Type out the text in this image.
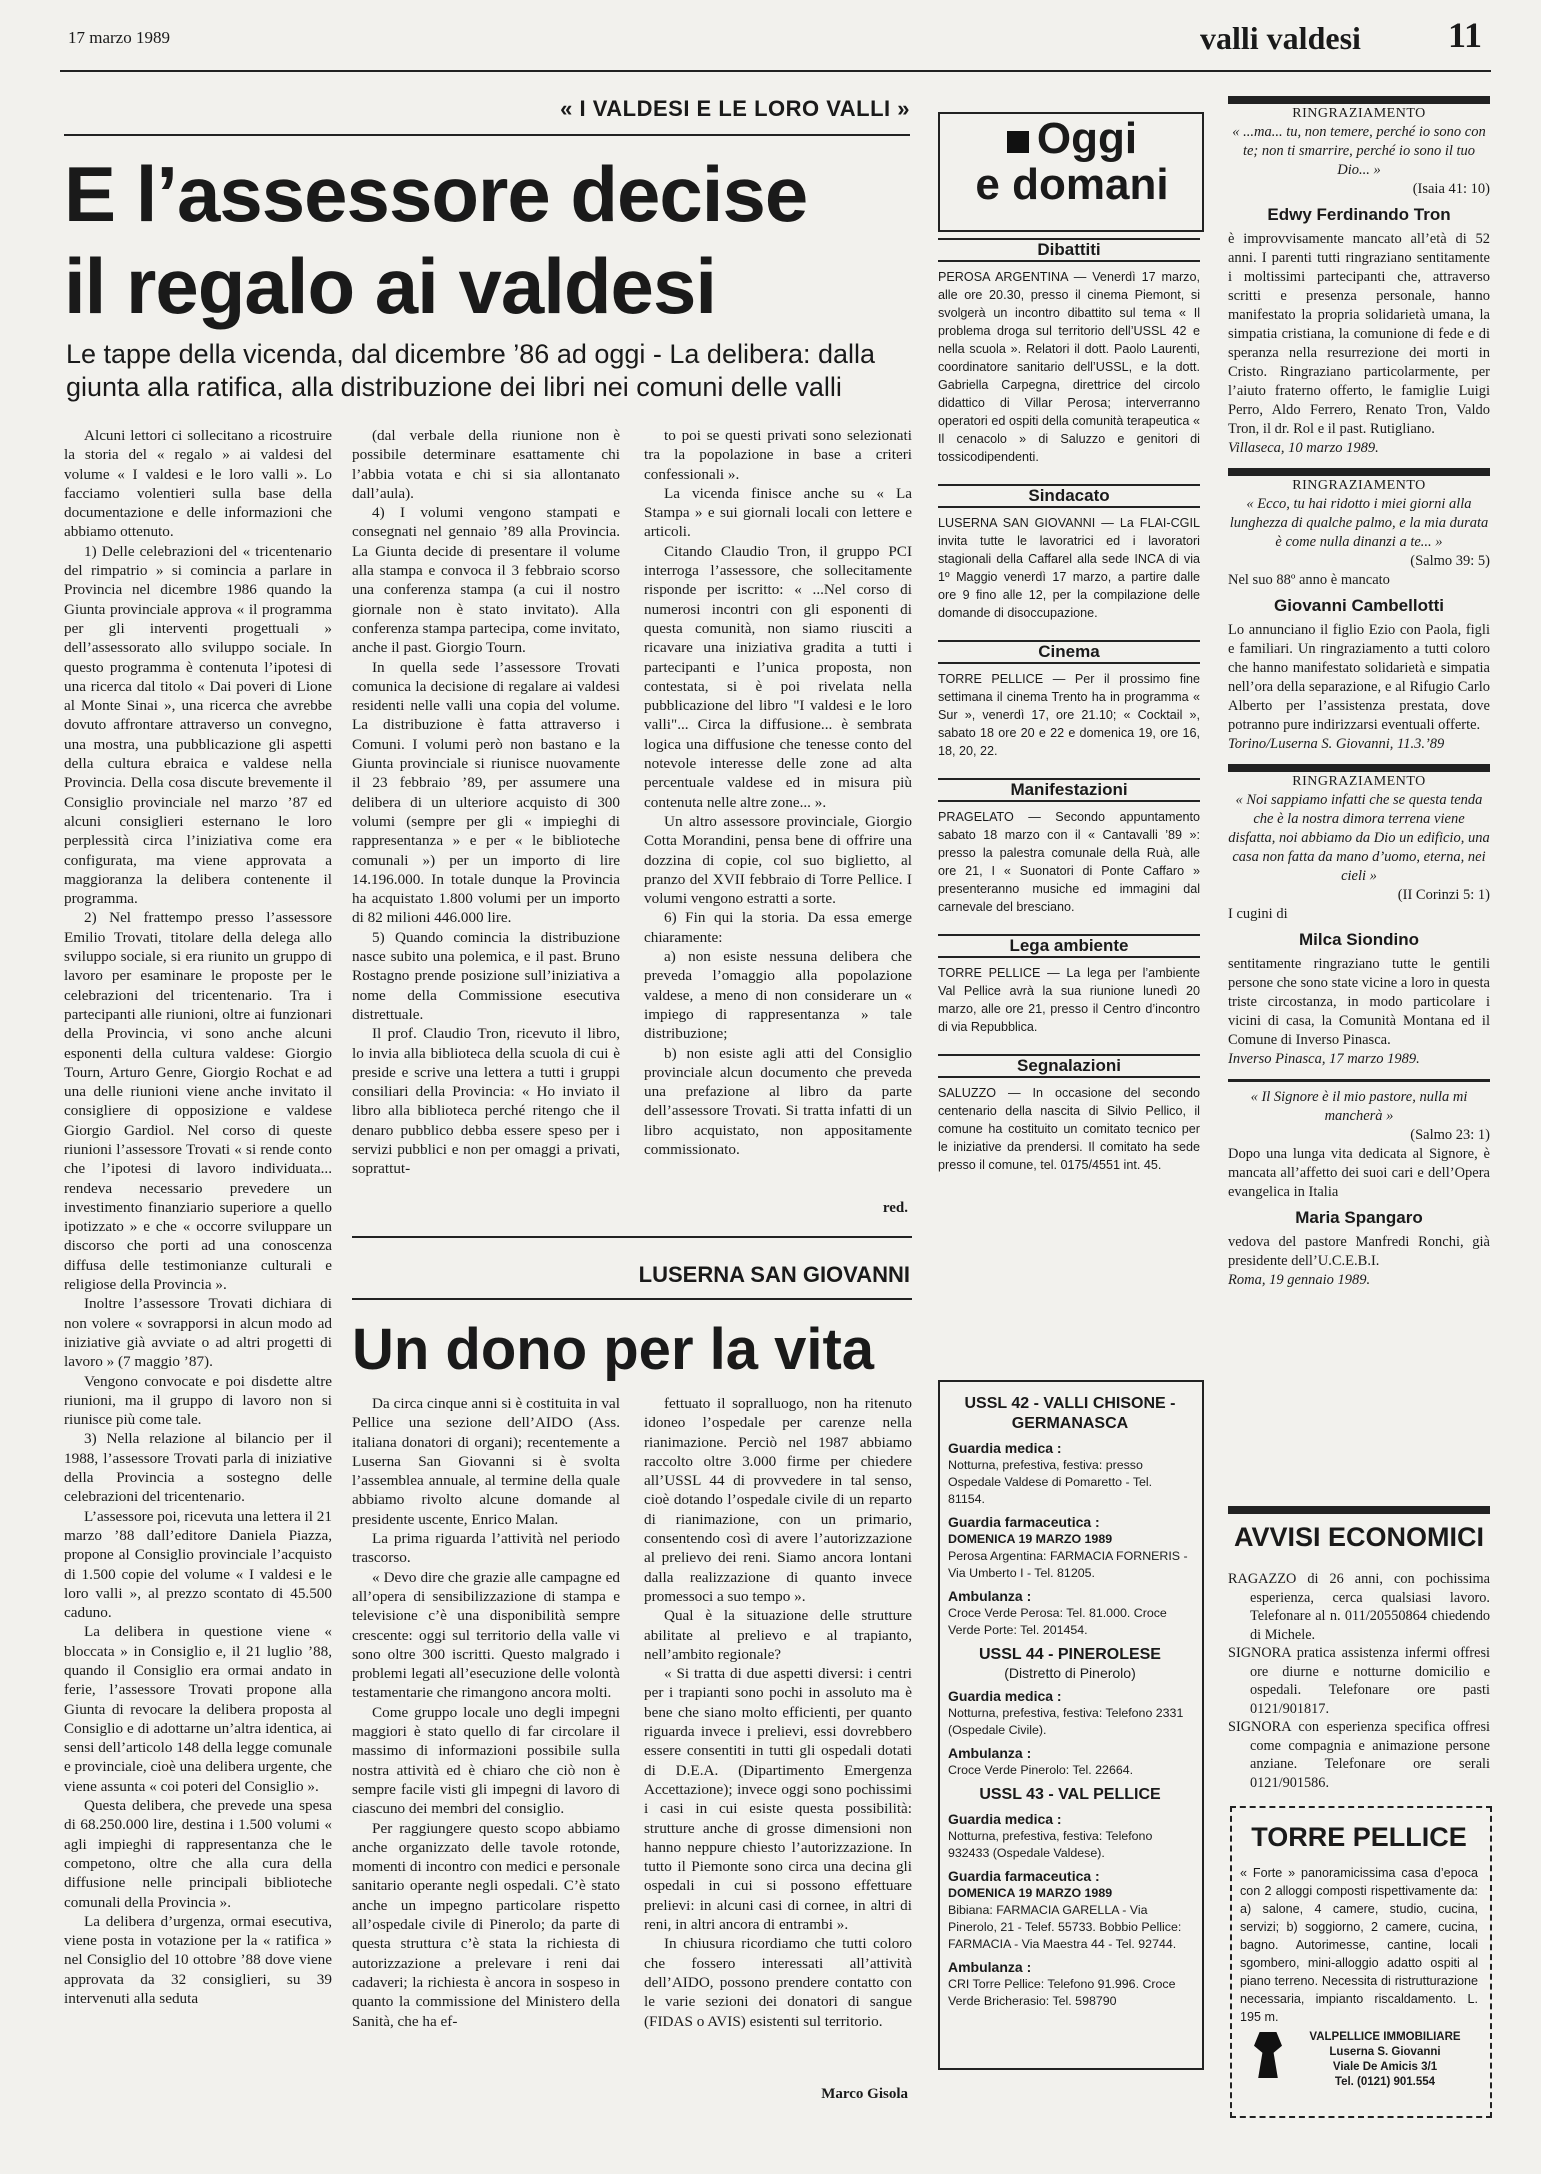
17 marzo 1989	valli valdesi 11
« I VALDESI E LE LORO VALLI »
E l’assessore decise
il regalo ai valdesi
Le tappe della vicenda, dal dicembre ’86 ad oggi - La delibera: dalla giunta alla ratifica, alla distribuzione dei libri nei comuni delle valli

Alcuni lettori ci sollecitano a ricostruire la storia del « regalo » ai valdesi del volume « I valdesi e le loro valli ». Lo facciamo volentieri sulla base della documentazione e delle informazioni che abbiamo ottenuto.

1) Delle celebrazioni del « tricentenario del rimpatrio » si comincia a parlare in Provincia nel dicembre 1986 quando la Giunta provinciale approva « il programma per gli interventi progettuali » dell’assessorato allo sviluppo sociale. In questo programma è contenuta l’ipotesi di una ricerca dal titolo « Dai poveri di Lione al Monte Sinai », una ricerca che avrebbe dovuto affrontare attraverso un convegno, una mostra, una pubblicazione gli aspetti della cultura ebraica e valdese nella Provincia. Della cosa discute brevemente il Consiglio provinciale nel marzo ’87 ed alcuni consiglieri esternano le loro perplessità circa l’iniziativa come era configurata, ma viene approvata a maggioranza la delibera contenente il programma.

2) Nel frattempo presso l’assessore Emilio Trovati, titolare della delega allo sviluppo sociale, si era riunito un gruppo di lavoro per esaminare le proposte per le celebrazioni del tricentenario. Tra i partecipanti alle riunioni, oltre ai funzionari della Provincia, vi sono anche alcuni esponenti della cultura valdese: Giorgio Tourn, Arturo Genre, Giorgio Rochat e ad una delle riunioni viene anche invitato il consigliere di opposizione e valdese Giorgio Gardiol. Nel corso di queste riunioni l’assessore Trovati « si rende conto che l’ipotesi di lavoro individuata... rendeva necessario prevedere un investimento finanziario superiore a quello ipotizzato » e che « occorre sviluppare un discorso che porti ad una conoscenza diffusa delle testimonianze culturali e religiose della Provincia ».

Inoltre l’assessore Trovati dichiara di non volere « sovrapporsi in alcun modo ad iniziative già avviate o ad altri progetti di lavoro » (7 maggio ’87).

Vengono convocate e poi disdette altre riunioni, ma il gruppo di lavoro non si riunisce più come tale.

3) Nella relazione al bilancio per il 1988, l’assessore Trovati parla di iniziative della Provincia a sostegno delle celebrazioni del tricentenario.

L’assessore poi, ricevuta una lettera il 21 marzo ’88 dall’editore Daniela Piazza, propone al Consiglio provinciale l’acquisto di 1.500 copie del volume « I valdesi e le loro valli », al prezzo scontato di 45.500 caduno.

La delibera in questione viene « bloccata » in Consiglio e, il 21 luglio ’88, quando il Consiglio era ormai andato in ferie, l’assessore Trovati propone alla Giunta di revocare la delibera proposta al Consiglio e di adottarne un’altra identica, ai sensi dell’articolo 148 della legge comunale e provinciale, cioè una delibera urgente, che viene assunta « coi poteri del Consiglio ».

Questa delibera, che prevede una spesa di 68.250.000 lire, destina i 1.500 volumi « agli impieghi di rappresentanza che le competono, oltre che alla cura della diffusione nelle principali biblioteche comunali della Provincia ».

La delibera d’urgenza, ormai esecutiva, viene posta in votazione per la « ratifica » nel Consiglio del 10 ottobre ’88 dove viene approvata da 32 consiglieri, su 39 intervenuti alla seduta

(dal verbale della riunione non è possibile determinare esattamente chi l’abbia votata e chi si sia allontanato dall’aula).

4) I volumi vengono stampati e consegnati nel gennaio ’89 alla Provincia. La Giunta decide di presentare il volume alla stampa e convoca il 3 febbraio scorso una conferenza stampa (a cui il nostro giornale non è stato invitato). Alla conferenza stampa partecipa, come invitato, anche il past. Giorgio Tourn.

In quella sede l’assessore Trovati comunica la decisione di regalare ai valdesi residenti nelle valli una copia del volume. La distribuzione è fatta attraverso i Comuni. I volumi però non bastano e la Giunta provinciale si riunisce nuovamente il 23 febbraio ’89, per assumere una delibera di un ulteriore acquisto di 300 volumi (sempre per gli « impieghi di rappresentanza » e per « le biblioteche comunali ») per un importo di lire 14.196.000. In totale dunque la Provincia ha acquistato 1.800 volumi per un importo di 82 milioni 446.000 lire.

5) Quando comincia la distribuzione nasce subito una polemica, e il past. Bruno Rostagno prende posizione sull’iniziativa a nome della Commissione esecutiva distrettuale.

Il prof. Claudio Tron, ricevuto il libro, lo invia alla biblioteca della scuola di cui è preside e scrive una lettera a tutti i gruppi consiliari della Provincia: « Ho inviato il libro alla biblioteca perché ritengo che il denaro pubblico debba essere speso per i servizi pubblici e non per omaggi a privati, soprattut-

to poi se questi privati sono selezionati tra la popolazione in base a criteri confessionali ».

La vicenda finisce anche su « La Stampa » e sui giornali locali con lettere e articoli.

Citando Claudio Tron, il gruppo PCI interroga l’assessore, che sollecitamente risponde per iscritto: « ...Nel corso di numerosi incontri con gli esponenti di questa comunità, non siamo riusciti a ricavare una iniziativa gradita a tutti i partecipanti e l’unica proposta, non contestata, si è poi rivelata nella pubblicazione del libro "I valdesi e le loro valli"... Circa la diffusione... è sembrata logica una diffusione che tenesse conto del notevole interesse delle zone ad alta percentuale valdese ed in misura più contenuta nelle altre zone... ».

Un altro assessore provinciale, Giorgio Cotta Morandini, pensa bene di offrire una dozzina di copie, col suo biglietto, al pranzo del XVII febbraio di Torre Pellice. I volumi vengono estratti a sorte.

6) Fin qui la storia. Da essa emerge chiaramente:

a) non esiste nessuna delibera che preveda l’omaggio alla popolazione valdese, a meno di non considerare un « impiego di rappresentanza » tale distribuzione;

b) non esiste agli atti del Consiglio provinciale alcun documento che preveda una prefazione al libro da parte dell’assessore Trovati. Si tratta infatti di un libro acquistato, non appositamente commissionato.

red.
LUSERNA SAN GIOVANNI
Un dono per la vita

Da circa cinque anni si è costituita in val Pellice una sezione dell’AIDO (Ass. italiana donatori di organi); recentemente a Luserna San Giovanni si è svolta l’assemblea annuale, al termine della quale abbiamo rivolto alcune domande al presidente uscente, Enrico Malan.

La prima riguarda l’attività nel periodo trascorso.

« Devo dire che grazie alle campagne ed all’opera di sensibilizzazione di stampa e televisione c’è una disponibilità sempre crescente: oggi sul territorio della valle vi sono oltre 300 iscritti. Questo malgrado i problemi legati all’esecuzione delle volontà testamentarie che rimangono ancora molti.

Come gruppo locale uno degli impegni maggiori è stato quello di far circolare il massimo di informazioni possibile sulla nostra attività ed è chiaro che ciò non è sempre facile visti gli impegni di lavoro di ciascuno dei membri del consiglio.

Per raggiungere questo scopo abbiamo anche organizzato delle tavole rotonde, momenti di incontro con medici e personale sanitario operante negli ospedali. C’è stato anche un impegno particolare rispetto all’ospedale civile di Pinerolo; da parte di questa struttura c’è stata la richiesta di autorizzazione a prelevare i reni dai cadaveri; la richiesta è ancora in sospeso in quanto la commissione del Ministero della Sanità, che ha ef-

fettuato il sopralluogo, non ha ritenuto idoneo l’ospedale per carenze nella rianimazione. Perciò nel 1987 abbiamo raccolto oltre 3.000 firme per chiedere all’USSL 44 di provvedere in tal senso, cioè dotando l’ospedale civile di un reparto di rianimazione, con un primario, consentendo così di avere l’autorizzazione al prelievo dei reni. Siamo ancora lontani dalla realizzazione di quanto invece promessoci a suo tempo ».

Qual è la situazione delle strutture abilitate al prelievo e al trapianto, nell’ambito regionale?

« Si tratta di due aspetti diversi: i centri per i trapianti sono pochi in assoluto ma è bene che siano molto efficienti, per quanto riguarda invece i prelievi, essi dovrebbero essere consentiti in tutti gli ospedali dotati di D.E.A. (Dipartimento Emergenza Accettazione); invece oggi sono pochissimi i casi in cui esiste questa possibilità: strutture anche di grosse dimensioni non hanno neppure chiesto l’autorizzazione. In tutto il Piemonte sono circa una decina gli ospedali in cui si possono effettuare prelievi: in alcuni casi di cornee, in altri di reni, in altri ancora di entrambi ».

In chiusura ricordiamo che tutti coloro che fossero interessati all’attività dell’AIDO, possono prendere contatto con le varie sezioni dei donatori di sangue (FIDAS o AVIS) esistenti sul territorio.

Marco Gisola
Oggi
e domani
Dibattiti
PEROSA ARGENTINA — Venerdì 17 marzo, alle ore 20.30, presso il cinema Piemont, si svolgerà un incontro dibattito sul tema « Il problema droga sul territorio dell’USSL 42 e nella scuola ». Relatori il dott. Paolo Laurenti, coordinatore sanitario dell’USSL, e la dott. Gabriella Carpegna, direttrice del circolo didattico di Villar Perosa; interverranno operatori ed ospiti della comunità terapeutica « Il cenacolo » di Saluzzo e genitori di tossicodipendenti.
Sindacato
LUSERNA SAN GIOVANNI — La FLAI-CGIL invita tutte le lavoratrici ed i lavoratori stagionali della Caffarel alla sede INCA di via 1º Maggio venerdì 17 marzo, a partire dalle ore 9 fino alle 12, per la compilazione delle domande di disoccupazione.
Cinema
TORRE PELLICE — Per il prossimo fine settimana il cinema Trento ha in programma « Sur », venerdì 17, ore 21.10; « Cocktail », sabato 18 ore 20 e 22 e domenica 19, ore 16, 18, 20, 22.
Manifestazioni
PRAGELATO — Secondo appuntamento sabato 18 marzo con il « Cantavalli ’89 »: presso la palestra comunale della Ruà, alle ore 21, I « Suonatori di Ponte Caffaro » presenteranno musiche ed immagini dal carnevale del bresciano.
Lega ambiente
TORRE PELLICE — La lega per l’ambiente Val Pellice avrà la sua riunione lunedì 20 marzo, alle ore 21, presso il Centro d’incontro di via Repubblica.
Segnalazioni
SALUZZO — In occasione del secondo centenario della nascita di Silvio Pellico, il comune ha costituito un comitato tecnico per le iniziative da prendersi. Il comitato ha sede presso il comune, tel. 0175/4551 int. 45.
USSL 42 - VALLI CHISONE - GERMANASCA
Guardia medica :
Notturna, prefestiva, festiva: presso Ospedale Valdese di Pomaretto - Tel. 81154.
Guardia farmaceutica :
DOMENICA 19 MARZO 1989
Perosa Argentina: FARMACIA FORNERIS - Via Umberto I - Tel. 81205.
Ambulanza :
Croce Verde Perosa: Tel. 81.000. Croce Verde Porte: Tel. 201454.
USSL 44 - PINEROLESE
(Distretto di Pinerolo)
Guardia medica :
Notturna, prefestiva, festiva: Telefono 2331 (Ospedale Civile).
Ambulanza :
Croce Verde Pinerolo: Tel. 22664.
USSL 43 - VAL PELLICE
Guardia medica :
Notturna, prefestiva, festiva: Telefono 932433 (Ospedale Valdese).
Guardia farmaceutica :
DOMENICA 19 MARZO 1989
Bibiana: FARMACIA GARELLA - Via Pinerolo, 21 - Telef. 55733. Bobbio Pellice: FARMACIA - Via Maestra 44 - Tel. 92744.
Ambulanza :
CRI Torre Pellice: Telefono 91.996. Croce Verde Bricherasio: Tel. 598790
RINGRAZIAMENTO
« ...ma... tu, non temere, perché io sono con te; non ti smarrire, perché io sono il tuo Dio... »
(Isaia 41: 10)
Edwy Ferdinando Tron
è improvvisamente mancato all’età di 52 anni. I parenti tutti ringraziano sentitamente i moltissimi partecipanti che, attraverso scritti e presenza personale, hanno manifestato la propria solidarietà umana, la simpatia cristiana, la comunione di fede e di speranza nella resurrezione dei morti in Cristo. Ringraziano particolarmente, per l’aiuto fraterno offerto, le famiglie Luigi Perro, Aldo Ferrero, Renato Tron, Valdo Tron, il dr. Rol e il past. Rutigliano.
Villaseca, 10 marzo 1989.
RINGRAZIAMENTO
« Ecco, tu hai ridotto i miei giorni alla lunghezza di qualche palmo, e la mia durata è come nulla dinanzi a te... »
(Salmo 39: 5)
Nel suo 88º anno è mancato
Giovanni Cambellotti
Lo annunciano il figlio Ezio con Paola, figli e familiari. Un ringraziamento a tutti coloro che hanno manifestato solidarietà e simpatia nell’ora della separazione, e al Rifugio Carlo Alberto per l’assistenza prestata, dove potranno pure indirizzarsi eventuali offerte.
Torino/Luserna S. Giovanni, 11.3.’89
RINGRAZIAMENTO
« Noi sappiamo infatti che se questa tenda che è la nostra dimora terrena viene disfatta, noi abbiamo da Dio un edificio, una casa non fatta da mano d’uomo, eterna, nei cieli »
(II Corinzi 5: 1)
I cugini di
Milca Siondino
sentitamente ringraziano tutte le gentili persone che sono state vicine a loro in questa triste circostanza, in modo particolare i vicini di casa, la Comunità Montana ed il Comune di Inverso Pinasca.
Inverso Pinasca, 17 marzo 1989.
« Il Signore è il mio pastore, nulla mi mancherà »
(Salmo 23: 1)
Dopo una lunga vita dedicata al Signore, è mancata all’affetto dei suoi cari e dell’Opera evangelica in Italia
Maria Spangaro
vedova del pastore Manfredi Ronchi, già presidente dell’U.C.E.B.I.
Roma, 19 gennaio 1989.
AVVISI ECONOMICI

RAGAZZO di 26 anni, con pochissima esperienza, cerca qualsiasi lavoro. Telefonare al n. 011/20550864 chiedendo di Michele.

SIGNORA pratica assistenza infermi offresi ore diurne e notturne domicilio e ospedali. Telefonare ore pasti 0121/901817.

SIGNORA con esperienza specifica offresi come compagnia e animazione persone anziane. Telefonare ore serali 0121/901586.

TORRE PELLICE
« Forte » panoramicissima casa d’epoca con 2 alloggi composti rispettivamente da: a) salone, 4 camere, studio, cucina, servizi; b) soggiorno, 2 camere, cucina, bagno. Autorimesse, cantine, locali sgombero, mini-alloggio adatto ospiti al piano terreno. Necessita di ristrutturazione necessaria, impianto riscaldamento. L. 195 m.
VALPELLICE IMMOBILIARE
Luserna S. Giovanni
Viale De Amicis 3/1
Tel. (0121) 901.554
